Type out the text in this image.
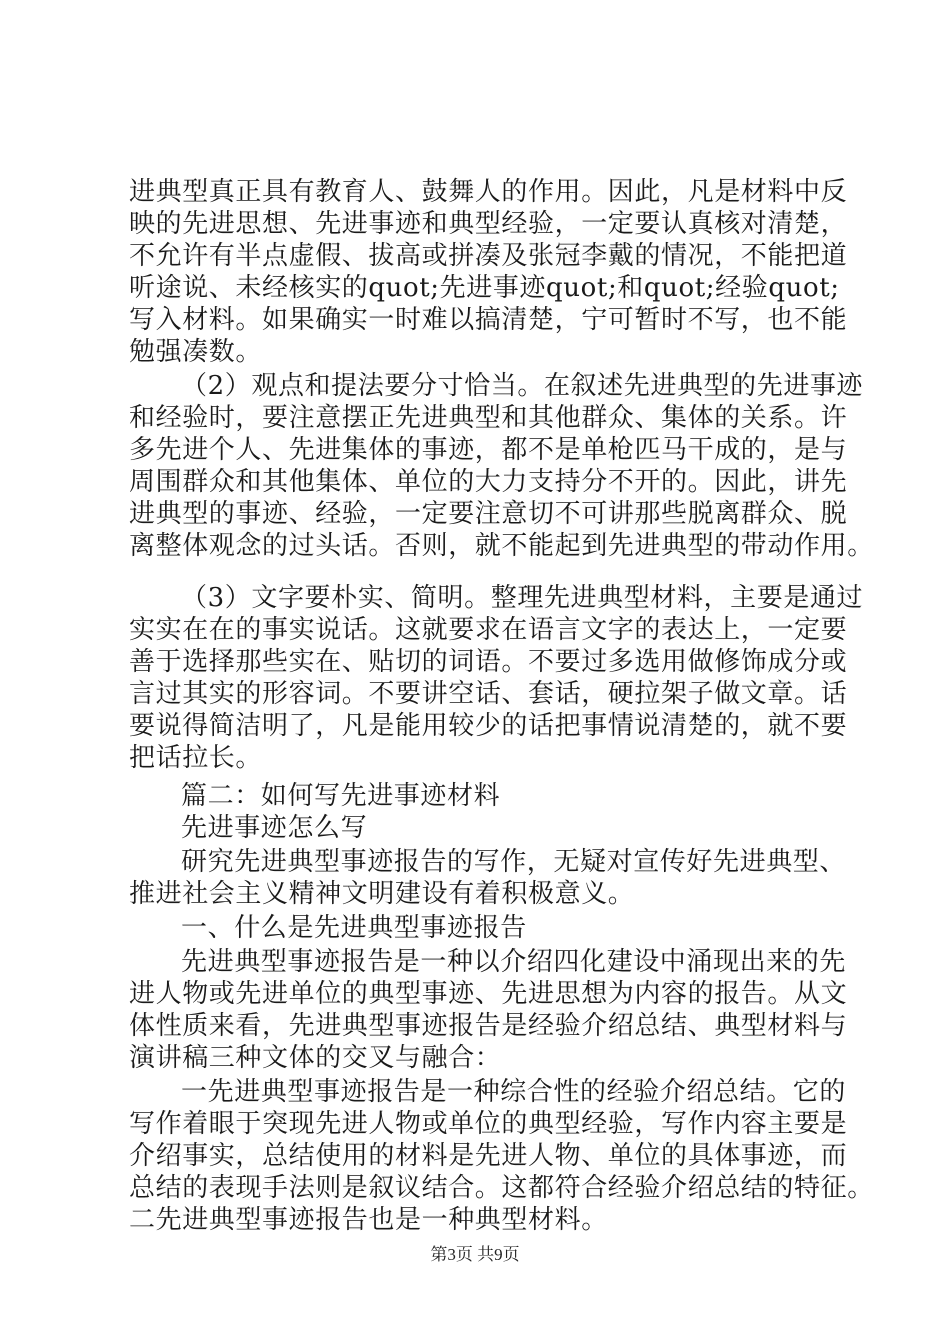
进典型真正具有教育人、鼓舞人的作用。因此，凡是材料中反
映的先进思想、先进事迹和典型经验，一定要认真核对清楚，
不允许有半点虚假、拔高或拼凑及张冠李戴的情况，不能把道
听途说、未经核实的quot;先进事迹quot;和quot;经验quot;
写入材料。如果确实一时难以搞清楚，宁可暂时不写，也不能
勉强凑数。
（2）观点和提法要分寸恰当。在叙述先进典型的先进事迹
和经验时，要注意摆正先进典型和其他群众、集体的关系。许
多先进个人、先进集体的事迹，都不是单枪匹马干成的，是与
周围群众和其他集体、单位的大力支持分不开的。因此，讲先
进典型的事迹、经验，一定要注意切不可讲那些脱离群众、脱
离整体观念的过头话。否则，就不能起到先进典型的带动作用。
（3）文字要朴实、简明。整理先进典型材料，主要是通过
实实在在的事实说话。这就要求在语言文字的表达上，一定要
善于选择那些实在、贴切的词语。不要过多选用做修饰成分或
言过其实的形容词。不要讲空话、套话，硬拉架子做文章。话
要说得简洁明了，凡是能用较少的话把事情说清楚的，就不要
把话拉长。
篇二：如何写先进事迹材料
先进事迹怎么写
研究先进典型事迹报告的写作，无疑对宣传好先进典型、
推进社会主义精神文明建设有着积极意义。
一、什么是先进典型事迹报告
先进典型事迹报告是一种以介绍四化建设中涌现出来的先
进人物或先进单位的典型事迹、先进思想为内容的报告。从文
体性质来看，先进典型事迹报告是经验介绍总结、典型材料与
演讲稿三种文体的交叉与融合：
一先进典型事迹报告是一种综合性的经验介绍总结。它的
写作着眼于突现先进人物或单位的典型经验，写作内容主要是
介绍事实，总结使用的材料是先进人物、单位的具体事迹，而
总结的表现手法则是叙议结合。这都符合经验介绍总结的特征。
二先进典型事迹报告也是一种典型材料。
第3页 共9页
